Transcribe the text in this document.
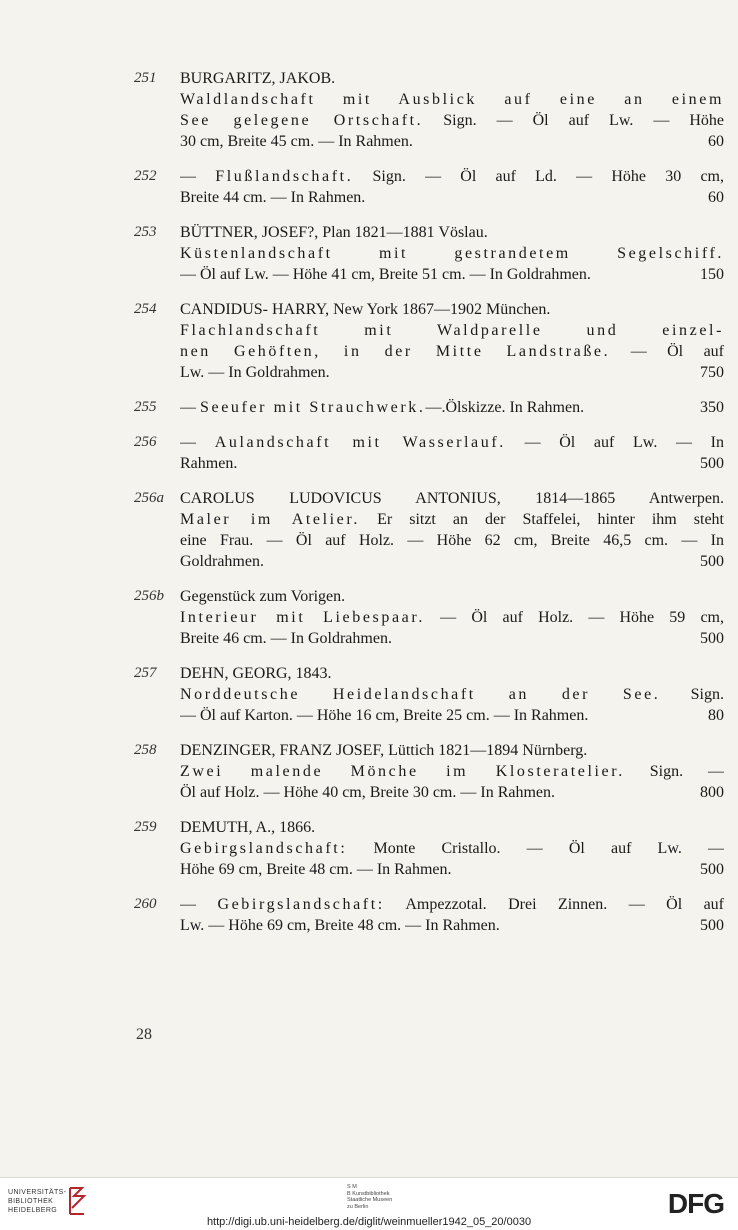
251	BURGARITZ, JAKOB.
Waldlandschaft mit Ausblick auf eine an einem
See gelegene Ortschaft. Sign. — Öl auf Lw. — Höhe
30 cm, Breite 45 cm. — In Rahmen.	60
252	— Flußlandschaft. Sign. — Öl auf Ld. — Höhe 30 cm,
Breite 44 cm. — In Rahmen.	60
253	BÜTTNER, JOSEF?, Plan 1821—1881 Vöslau.
Küstenlandschaft mit gestrandetem Segelschiff.
— Öl auf Lw. — Höhe 41 cm, Breite 51 cm. — In Goldrahmen.	150
254	CANDIDUS- HARRY, New York 1867—1902 München.
Flachlandschaft mit Waldparelle und einzel-
nen Gehöften, in der Mitte Landstraße. — Öl auf
Lw. — In Goldrahmen.	750
255	— Seeufer mit Strauchwerk.—.Ölskizze. In Rahmen.	350
256	— Aulandschaft mit Wasserlauf. — Öl auf Lw. — In
Rahmen.	500
256a	CAROLUS LUDOVICUS ANTONIUS, 1814—1865 Antwerpen.
Maler im Atelier. Er sitzt an der Staffelei, hinter ihm steht
eine Frau. — Öl auf Holz. — Höhe 62 cm, Breite 46,5 cm. — In
Goldrahmen.	500
256b	Gegenstück zum Vorigen.
Interieur mit Liebespaar. — Öl auf Holz. — Höhe 59 cm,
Breite 46 cm. — In Goldrahmen.	500
257	DEHN, GEORG, 1843.
Norddeutsche Heidelandschaft an der See. Sign.
— Öl auf Karton. — Höhe 16 cm, Breite 25 cm. — In Rahmen.	80
258	DENZINGER, FRANZ JOSEF, Lüttich 1821—1894 Nürnberg.
Zwei malende Mönche im Klosteratelier. Sign. —
Öl auf Holz. — Höhe 40 cm, Breite 30 cm. — In Rahmen.	800
259	DEMUTH, A., 1866.
Gebirgslandschaft: Monte Cristallo. — Öl auf Lw. —
Höhe 69 cm, Breite 48 cm. — In Rahmen.	500
260	— Gebirgslandschaft: Ampezzotal. Drei Zinnen. — Öl auf
Lw. — Höhe 69 cm, Breite 48 cm. — In Rahmen.	500
28
UNIVERSITÄTS-
BIBLIOTHEK
HEIDELBERG
S M
B Kunstbibliothek
Staatliche Museen
zu Berlin	DFG
http://digi.ub.uni-heidelberg.de/diglit/weinmueller1942_05_20/0030
